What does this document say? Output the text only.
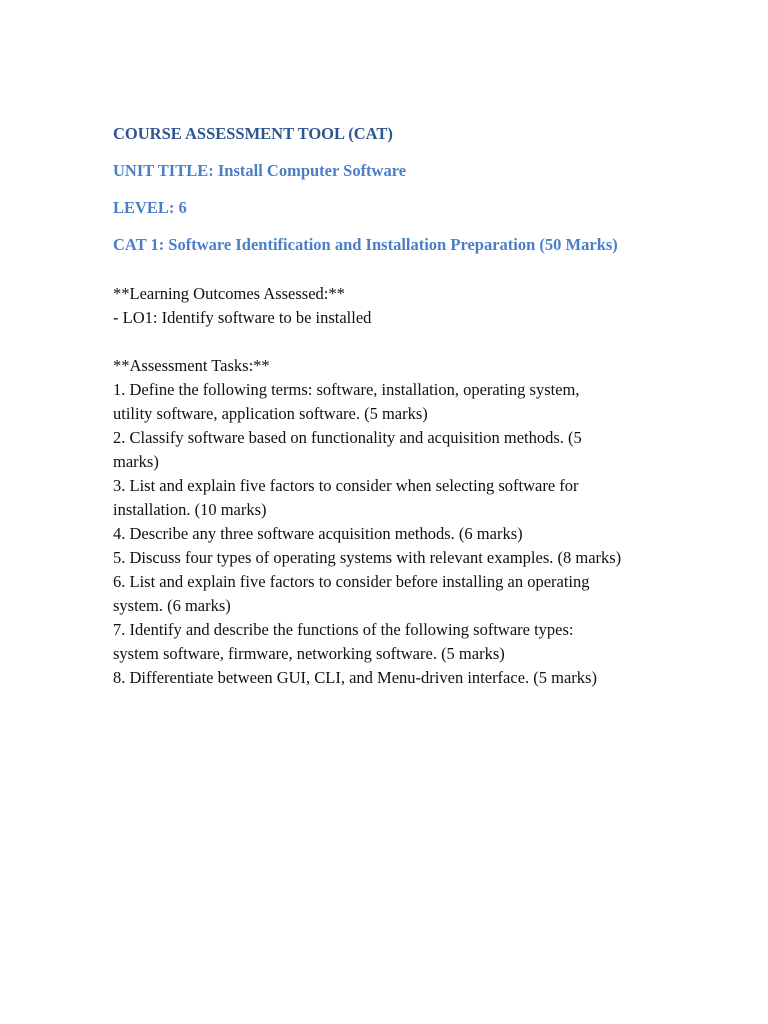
COURSE ASSESSMENT TOOL (CAT)
UNIT TITLE: Install Computer Software
LEVEL: 6
CAT 1: Software Identification and Installation Preparation (50 Marks)
**Learning Outcomes Assessed:**
- LO1: Identify software to be installed
**Assessment Tasks:**
1. Define the following terms: software, installation, operating system,
utility software, application software. (5 marks)
2. Classify software based on functionality and acquisition methods. (5
marks)
3. List and explain five factors to consider when selecting software for
installation. (10 marks)
4. Describe any three software acquisition methods. (6 marks)
5. Discuss four types of operating systems with relevant examples. (8 marks)
6. List and explain five factors to consider before installing an operating
system. (6 marks)
7. Identify and describe the functions of the following software types:
system software, firmware, networking software. (5 marks)
8. Differentiate between GUI, CLI, and Menu-driven interface. (5 marks)
